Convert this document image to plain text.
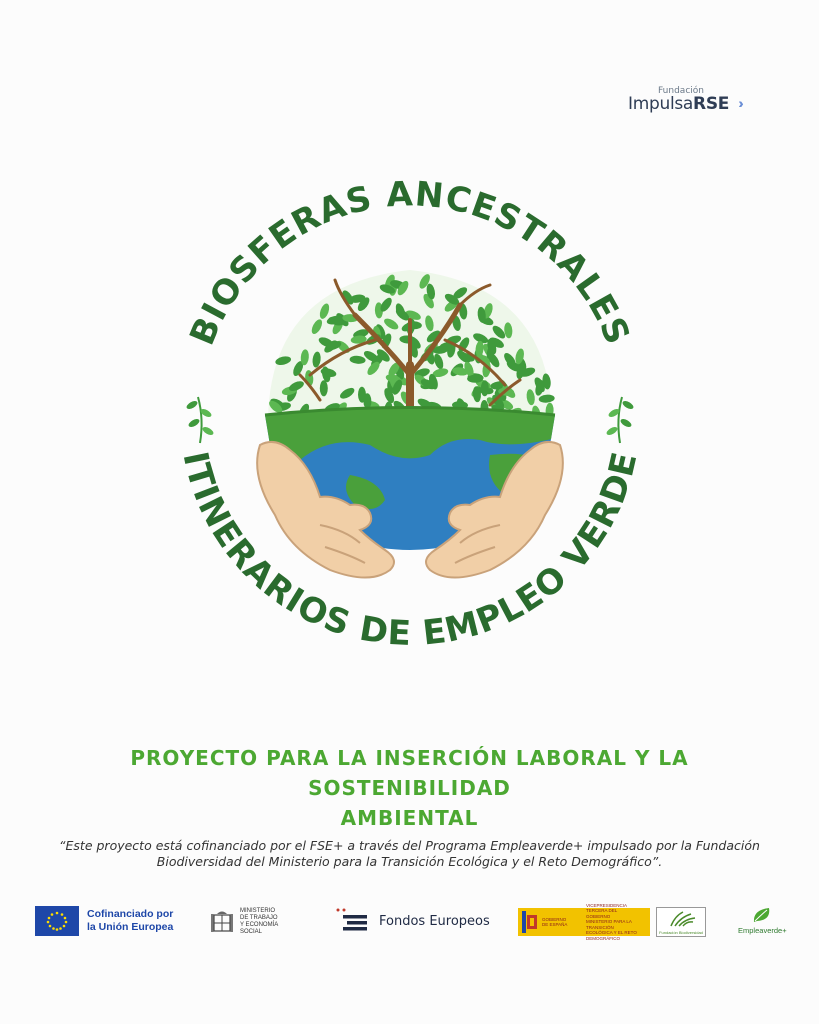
Fundación
ImpulsaRSE
BIOSFERAS ANCESTRALES
ITINERARIOS DE EMPLEO VERDE
PROYECTO PARA LA INSERCIÓN LABORAL Y LA SOSTENIBILIDAD
AMBIENTAL
“Este proyecto está cofinanciado por el FSE+ a través del Programa Empleaverde+ impulsado por la Fundación
Biodiversidad del Ministerio para la Transición Ecológica y el Reto Demográfico”.
Cofinanciado por
la Unión Europea
MINISTERIO
DE TRABAJO
Y ECONOMÍA SOCIAL
Fondos Europeos	GOBIERNO
DE ESPAÑA
VICEPRESIDENCIA TERCERA DEL GOBIERNO
MINISTERIO PARA LA TRANSICIÓN ECOLÓGICA Y EL RETO DEMOGRÁFICO
Fundación Biodiversidad	Empleaverde+
